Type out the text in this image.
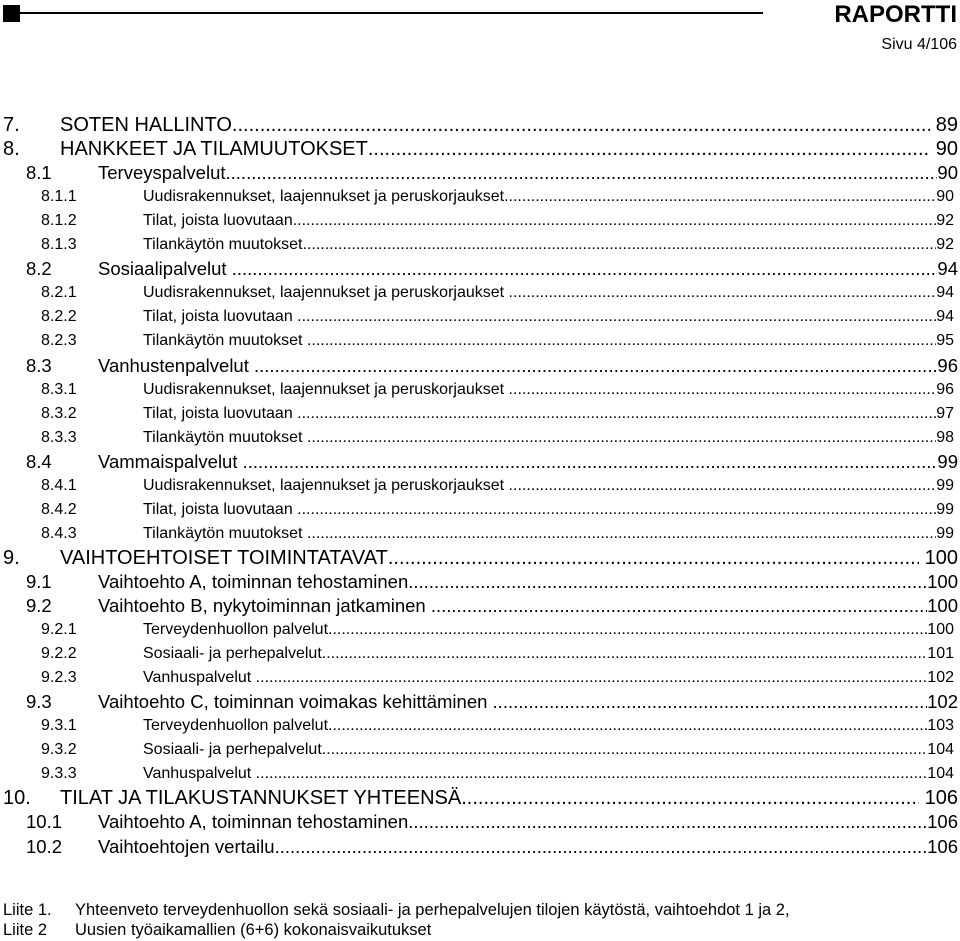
RAPORTTI
Sivu 4/106
7. SOTEN HALLINTO .....	89
8. HANKKEET JA TILAMUUTOKSET .....	90
8.1	Terveyspalvelut .....	90
8.1.1	Uudisrakennukset, laajennukset ja peruskorjaukset .....	90
8.1.2	Tilat, joista luovutaan .....	92
8.1.3	Tilankäytön muutokset .....	92
8.2	Sosiaalipalvelut .....	94
8.2.1	Uudisrakennukset, laajennukset ja peruskorjaukset .....	94
8.2.2	Tilat, joista luovutaan .....	94
8.2.3	Tilankäytön muutokset .....	95
8.3	Vanhustenpalvelut .....	96
8.3.1	Uudisrakennukset, laajennukset ja peruskorjaukset .....	96
8.3.2	Tilat, joista luovutaan .....	97
8.3.3	Tilankäytön muutokset .....	98
8.4	Vammaispalvelut .....	99
8.4.1	Uudisrakennukset, laajennukset ja peruskorjaukset .....	99
8.4.2	Tilat, joista luovutaan .....	99
8.4.3	Tilankäytön muutokset .....	99
9. VAIHTOEHTOISET TOIMINTATAVAT .....	100
9.1	Vaihtoehto A, toiminnan tehostaminen .....	100
9.2	Vaihtoehto B, nykytoiminnan jatkaminen .....	100
9.2.1	Terveydenhuollon palvelut .....	100
9.2.2	Sosiaali- ja perhepalvelut .....	101
9.2.3	Vanhuspalvelut .....	102
9.3	Vaihtoehto C, toiminnan voimakas kehittäminen .....	102
9.3.1	Terveydenhuollon palvelut .....	103
9.3.2	Sosiaali- ja perhepalvelut .....	104
9.3.3	Vanhuspalvelut .....	104
10. TILAT JA TILAKUSTANNUKSET YHTEENSÄ .....	106
10.1 Vaihtoehto A, toiminnan tehostaminen .....	106
10.2 Vaihtoehtojen vertailu .....	106
Liite 1. Yhteenveto terveydenhuollon sekä sosiaali- ja perhepalvelujen tilojen käytöstä, vaihtoehdot 1 ja 2,
Liite 2 Uusien työaikamallien (6+6) kokonaisvaikutukset
